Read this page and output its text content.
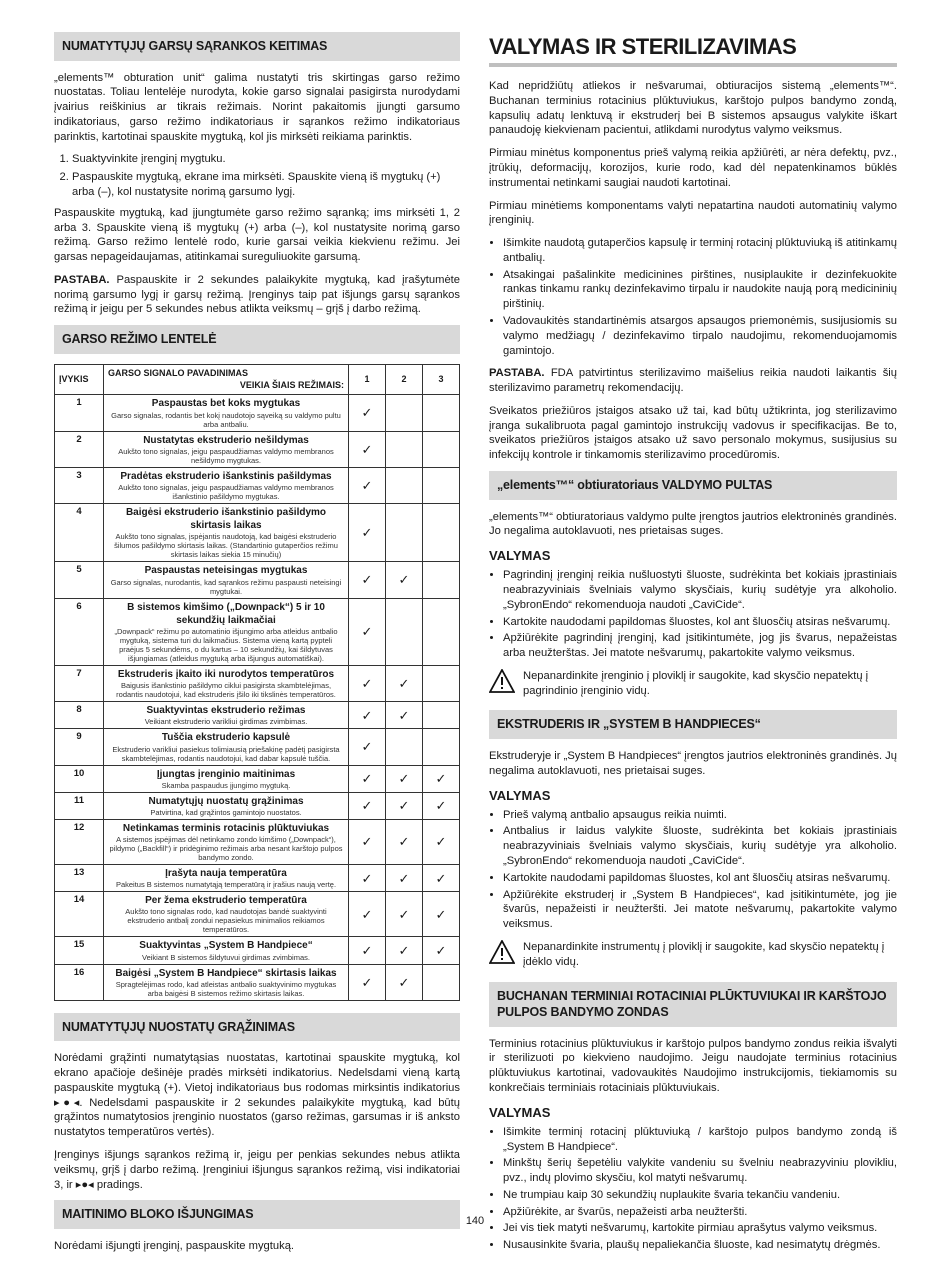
NUMATYTŲJŲ GARSŲ SĄRANKOS KEITIMAS

„elements™ obturation unit“ galima nustatyti tris skirtingas garso režimo nuostatas. Toliau lentelėje nurodyta, kokie garso signalai pasigirsta nurodydami įvairius reiškinius ar tikrais režimais. Norint pakaitomis įjungti garsumo indikatoriaus, garso režimo indikatoriaus ir sąrankos režimo indikatoriaus parinktis, kartotinai spauskite mygtuką, kol jis mirksėti reikiama parinktis.

1. Suaktyvinkite įrenginį mygtuku.
2. Paspauskite mygtuką, ekrane ima mirksėti. Spauskite vieną iš mygtukų (+) arba (–), kol nustatysite norimą garsumo lygį.

Paspauskite mygtuką, kad įjungtumėte garso režimo sąranką; ims mirksėti 1, 2 arba 3. Spauskite vieną iš mygtukų (+) arba (–), kol nustatysite norimą garso režimą. Garso režimo lentelė rodo, kurie garsai veikia kiekvienu režimu. Jei garsas nepageidaujamas, atitinkamai sureguliuokite garsumą.

PASTABA. Paspauskite ir 2 sekundes palaikykite mygtuką, kad įrašytumėte norimą garsumo lygį ir garsų režimą. Įrenginys taip pat išjungs garsų sąrankos režimą ir jeigu per 5 sekundes nebus atlikta veiksmų – grįš į darbo režimą.

GARSO REŽIMO LENTELĖ
ĮVYKIS	GARSO SIGNALO PAVADINIMAS
VEIKIA ŠIAIS REŽIMAIS:	1	2	3
1	Paspaustas bet koks mygtukas
Garso signalas, rodantis bet kokį naudotojo sąveiką su valdymo pultu arba antbaliu.	✓		
2	Nustatytas ekstruderio nešildymas
Aukšto tono signalas, jeigu paspaudžiamas valdymo membranos nešildymo mygtukas.	✓		
3	Pradėtas ekstruderio išankstinis pašildymas
Aukšto tono signalas, jeigu paspaudžiamas valdymo membranos išankstinio pašildymo mygtukas.	✓		
4	Baigėsi ekstruderio išankstinio pašildymo skirtasis laikas
Aukšto tono signalas, įspėjantis naudotoją, kad baigėsi ekstruderio šilumos pašildymo skirtasis laikas. (Standartinio gutaperčios režimu skirtasis laikas siekia 15 minučių)	✓		
5	Paspaustas neteisingas mygtukas
Garso signalas, nurodantis, kad sąrankos režimu paspausti neteisingi mygtukai.	✓	✓	
6	B sistemos kimšimo („Downpack“) 5 ir 10 sekundžių laikmačiai
„Downpack“ režimu po automatinio išjungimo arba atleidus antbalio mygtuką, sistema turi du laikmačius. Sistema vieną kartą pypteli praėjus 5 sekundėms, o du kartus – 10 sekundžių, kai šildytuvas išjungiamas (atleidus mygtuką arba išjungus automatiškai).	✓		
7	Ekstruderis įkaito iki nurodytos temperatūros
Baigusis išankstinio pašildymo ciklui pasigirsta skambtelėjimas, rodantis naudotojui, kad ekstruderis įšilo iki tikslinės temperatūros.	✓	✓	
8	Suaktyvintas ekstruderio režimas
Veikiant ekstruderio varikliui girdimas zvimbimas.	✓	✓	
9	Tuščia ekstruderio kapsulė
Ekstruderio varikliui pasiekus tolimiausią priešakinę padėtį pasigirsta skambtelėjimas, rodantis naudotojui, kad dabar kapsulė tuščia.	✓		
10	Įjungtas įrenginio maitinimas
Skamba paspaudus įjungimo mygtuką.	✓	✓	✓
11	Numatytųjų nuostatų grąžinimas
Patvirtina, kad grąžintos gamintojo nuostatos.	✓	✓	✓
12	Netinkamas terminis rotacinis plūktuviukas
A sistemos įspėjimas dėl netinkamo zondo kimšimo („Downpack“), pildymo („Backfill“) ir pridėginimo režimais arba nesant karštojo pulpos bandymo zondo.	✓	✓	✓
13	Įrašyta nauja temperatūra
Pakeitus B sistemos numatytąją temperatūrą ir įrašius naują vertę.	✓	✓	✓
14	Per žema ekstruderio temperatūra
Aukšto tono signalas rodo, kad naudotojas bandė suaktyvinti ekstruderio antbalį zondui nepasiekus minimalios reikiamos temperatūros.	✓	✓	✓
15	Suaktyvintas „System B Handpiece“
Veikiant B sistemos šildytuvui girdimas zvimbimas.	✓	✓	✓
16	Baigėsi „System B Handpiece“ skirtasis laikas
Spragtelėjimas rodo, kad atleistas antbalio suaktyvinimo mygtukas arba baigėsi B sistemos režimo skirtasis laikas.	✓	✓	
NUMATYTŲJŲ NUOSTATŲ GRĄŽINIMAS

Norėdami grąžinti numatytąsias nuostatas, kartotinai spauskite mygtuką, kol ekrano apačioje dešinėje pradės mirksėti indikatorius. Nedelsdami vieną kartą paspauskite mygtuką (+). Vietoj indikatoriaus bus rodomas mirksintis indikatorius ▸●◂. Nedelsdami paspauskite ir 2 sekundes palaikykite mygtuką, kad būtų grąžintos numatytosios įrenginio nuostatos (garso režimas, garsumas ir iš anksto nustatytos temperatūros vertės).

Įrenginys išjungs sąrankos režimą ir, jeigu per penkias sekundes nebus atlikta veiksmų, grįš į darbo režimą. Įrenginiui išjungus sąrankos režimą, visi indikatoriai 3, ir ▸●◂ pradings.

MAITINIMO BLOKO IŠJUNGIMAS

Norėdami išjungti įrenginį, paspauskite mygtuką.

VALYMAS IR STERILIZAVIMAS

Kad nepridžiūtų atliekos ir nešvarumai, obtiuracijos sistemą „elements™“. Buchanan terminius rotacinius plūktuviukus, karštojo pulpos bandymo zondą, kapsulių adatų lenktuvą ir ekstruderį bei B sistemos apsaugus valykite iškart panaudoję kiekvienam pacientui, atlikdami nurodytus valymo veiksmus.

Pirmiau minėtus komponentus prieš valymą reikia apžiūrėti, ar nėra defektų, pvz., įtrūkių, deformacijų, korozijos, kurie rodo, kad dėl nepatenkinamos būklės instrumentai netinkami saugiai naudoti kartotinai.

Pirmiau minėtiems komponentams valyti nepatartina naudoti automatinių valymo įrenginių.

• Išimkite naudotą gutaperčios kapsulę ir terminį rotacinį plūktuviuką iš atitinkamų antbalių.
• Atsakingai pašalinkite medicinines pirštines, nusiplaukite ir dezinfekuokite rankas tinkamu rankų dezinfekavimo tirpalu ir naudokite naują porą medicininių pirštinių.
• Vadovaukitės standartinėmis atsargos apsaugos priemonėmis, susijusiomis su valymo medžiagų / dezinfekavimo tirpalo naudojimu, rekomenduojamomis gamintojo.

PASTABA. FDA patvirtintus sterilizavimo maišelius reikia naudoti laikantis šių sterilizavimo parametrų rekomendacijų.

Sveikatos priežiūros įstaigos atsako už tai, kad būtų užtikrinta, jog sterilizavimo įranga sukalibruota pagal gamintojo instrukcijų vadovus ir specifikacijas. Be to, sveikatos priežiūros įstaigos atsako už savo personalo mokymus, susijusius su infekcijų kontrole ir tinkamomis sterilizavimo procedūromis.

„elements™“ obtiuratoriaus VALDYMO PULTAS

„elements™“ obtiuratoriaus valdymo pulte įrengtos jautrios elektroninės grandinės. Jo negalima autoklavuoti, nes prietaisas suges.

VALYMAS
• Pagrindinį įrenginį reikia nušluostyti šluoste, sudrėkinta bet kokiais įprastiniais neabrazyviniais švelniais valymo skysčiais, kurių sudėtyje yra alkoholio. „SybronEndo“ rekomenduoja naudoti „CaviCide“.
• Kartokite naudodami papildomas šluostes, kol ant šluosčių atsiras nešvarumų.
• Apžiūrėkite pagrindinį įrenginį, kad įsitikintumėte, jog jis švarus, nepažeistas arba neužterštas. Jei matote nešvarumų, pakartokite valymo veiksmus.
Nepanardinkite įrenginio į ploviklį ir saugokite, kad skysčio nepatektų į pagrindinio įrenginio vidų.
EKSTRUDERIS IR „SYSTEM B HANDPIECES“

Ekstruderyje ir „System B Handpieces“ įrengtos jautrios elektroninės grandinės. Jų negalima autoklavuoti, nes prietaisai suges.

VALYMAS
• Prieš valymą antbalio apsaugus reikia nuimti.
• Antbalius ir laidus valykite šluoste, sudrėkinta bet kokiais įprastiniais neabrazyviniais švelniais valymo skysčiais, kurių sudėtyje yra alkoholio. „SybronEndo“ rekomenduoja naudoti „CaviCide“.
• Kartokite naudodami papildomas šluostes, kol ant šluosčių atsiras nešvarumų.
• Apžiūrėkite ekstruderį ir „System B Handpieces“, kad įsitikintumėte, jog jie švarūs, nepažeisti ir neužteršti. Jei matote nešvarumų, pakartokite valymo veiksmus.
Nepanardinkite instrumentų į ploviklį ir saugokite, kad skysčio nepatektų į įdėklo vidų.
BUCHANAN TERMINIAI ROTACINIAI PLŪKTUVIUKAI IR KARŠTOJO PULPOS BANDYMO ZONDAS

Terminius rotacinius plūktuviukus ir karštojo pulpos bandymo zondus reikia išvalyti ir sterilizuoti po kiekvieno naudojimo. Jeigu naudojate terminius rotacinius plūktuviukus kartotinai, vadovaukitės Naudojimo instrukcijomis, tiekiamomis su konkrečiais terminiais rotaciniais plūktuviukais.

VALYMAS
• Išimkite terminį rotacinį plūktuviuką / karštojo pulpos bandymo zondą iš „System B Handpiece“.
• Minkštų šerių šepetėliu valykite vandeniu su švelniu neabrazyviniu plovikliu, pvz., indų plovimo skysčiu, kol matyti nešvarumų.
• Ne trumpiau kaip 30 sekundžių nuplaukite švaria tekančiu vandeniu.
• Apžiūrėkite, ar švarūs, nepažeisti arba neužteršti.
• Jei vis tiek matyti nešvarumų, kartokite pirmiau aprašytus valymo veiksmus.
• Nusausinkite švaria, plaušų nepaliekančia šluoste, kad nesimatytų drėgmės.
140
